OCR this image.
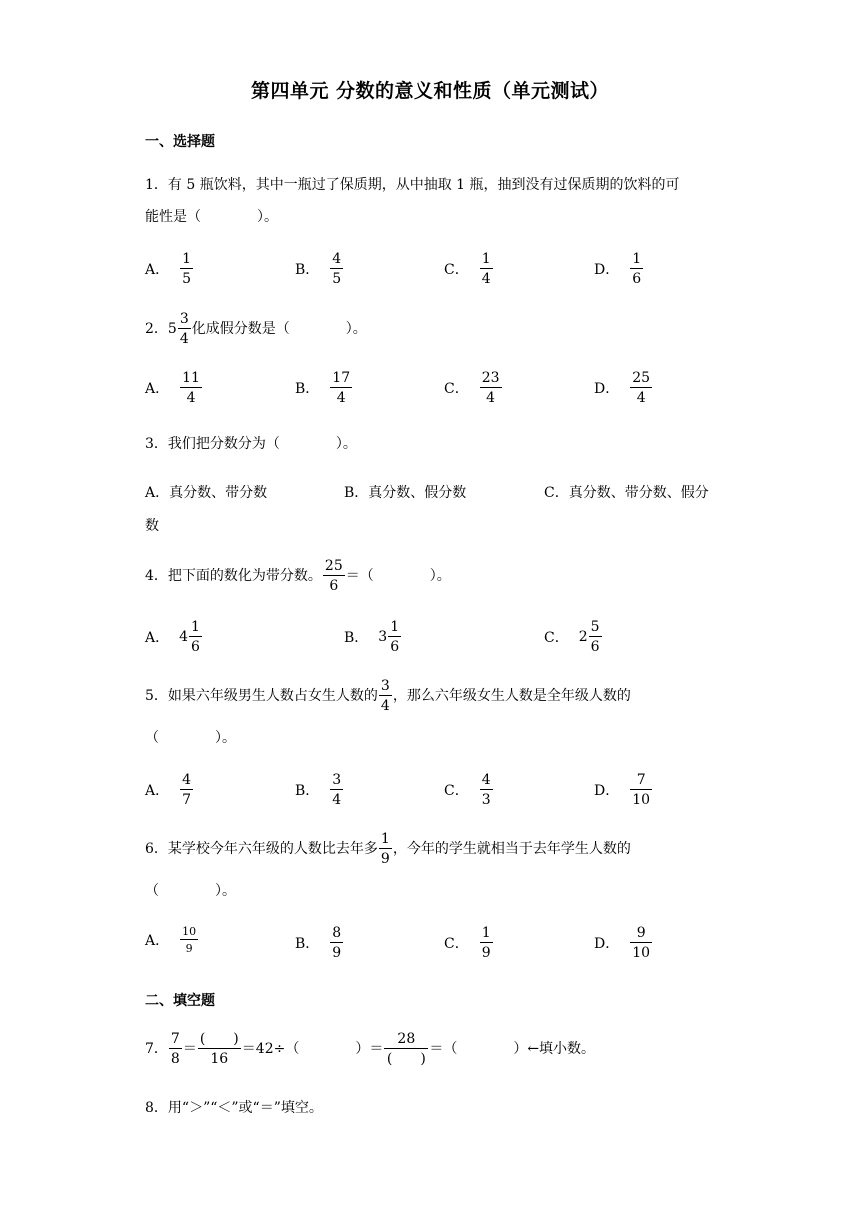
第四单元 分数的意义和性质（单元测试）
一、选择题
1．有 5 瓶饮料，其中一瓶过了保质期，从中抽取 1 瓶，抽到没有过保质期的饮料的可
能性是（　　　　）。
A． $\frac{1}{5}$	B． $\frac{4}{5}$	C． $\frac{1}{4}$	D． $\frac{1}{6}$
2．$5 \frac{3}{4}$ 化成假分数是（　　　　）。
A． $\frac{11}{4}$	B． $\frac{17}{4}$	C． $\frac{23}{4}$	D． $\frac{25}{4}$
3．我们把分数分为（　　　　）。
A．真分数、带分数	B．真分数、假分数	C．真分数、带分数、假分
数
4．把下面的数化为带分数。 $\frac{25}{6}$ ＝（　　　　）。
A． $4 \frac{1}{6}$	B． $3 \frac{1}{6}$	C． $2 \frac{5}{6}$
5．如果六年级男生人数占女生人数的 $\frac{3}{4}$ ，那么六年级女生人数是全年级人数的
（　　　　）。
A． $\frac{4}{7}$	B． $\frac{3}{4}$	C． $\frac{4}{3}$	D． $\frac{7}{10}$
6．某学校今年六年级的人数比去年多 $\frac{1}{9}$ ，今年的学生就相当于去年学生人数的
（　　　　）。
A． $\frac{10}{9}$	B． $\frac{8}{9}$	C． $\frac{1}{9}$	D． $\frac{9}{10}$
二、填空题
7． $\frac{7}{8} = \frac{( )}{16} =42\div$（　　　　）＝ $\frac{28}{( )}$ ＝（　　　　）←填小数。
8．用“＞”“＜”或“＝”填空。
